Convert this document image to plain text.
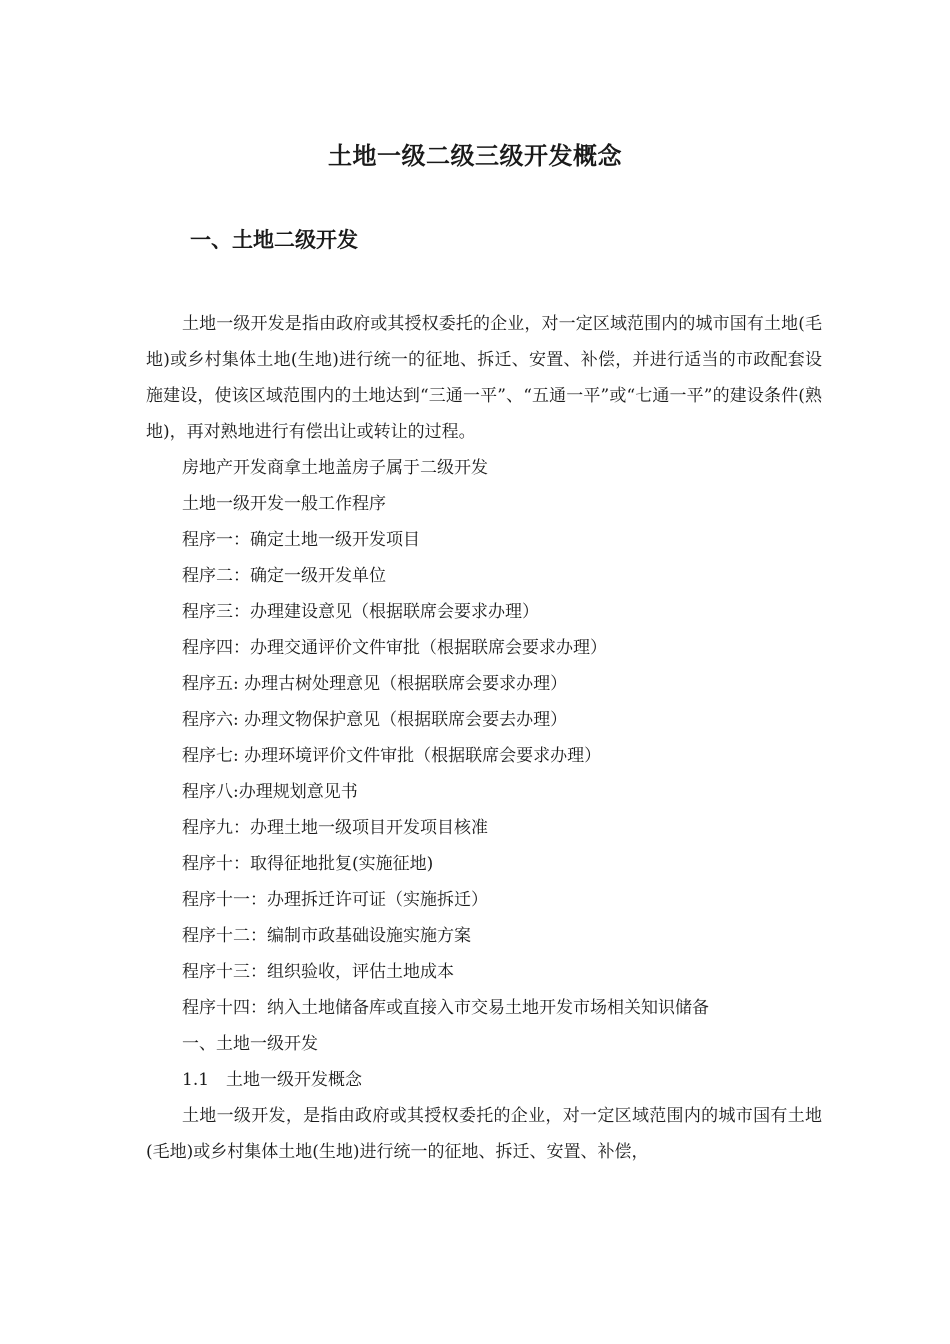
土地一级二级三级开发概念
一、土地二级开发

土地一级开发是指由政府或其授权委托的企业，对一定区域范围内的城市国有土地(毛地)或乡村集体土地(生地)进行统一的征地、拆迁、安置、补偿，并进行适当的市政配套设施建设，使该区域范围内的土地达到“三通一平”、“五通一平”或“七通一平”的建设条件(熟地)，再对熟地进行有偿出让或转让的过程。

房地产开发商拿土地盖房子属于二级开发

土地一级开发一般工作程序

程序一：确定土地一级开发项目

程序二：确定一级开发单位

程序三：办理建设意见（根据联席会要求办理）

程序四：办理交通评价文件审批（根据联席会要求办理）

程序五: 办理古树处理意见（根据联席会要求办理）

程序六: 办理文物保护意见（根据联席会要去办理）

程序七: 办理环境评价文件审批（根据联席会要求办理）

程序八:办理规划意见书

程序九：办理土地一级项目开发项目核准

程序十：取得征地批复(实施征地)

程序十一：办理拆迁许可证（实施拆迁）

程序十二：编制市政基础设施实施方案

程序十三：组织验收，评估土地成本

程序十四：纳入土地储备库或直接入市交易土地开发市场相关知识储备

一、土地一级开发

1.1　土地一级开发概念

土地一级开发，是指由政府或其授权委托的企业，对一定区域范围内的城市国有土地(毛地)或乡村集体土地(生地)进行统一的征地、拆迁、安置、补偿，
